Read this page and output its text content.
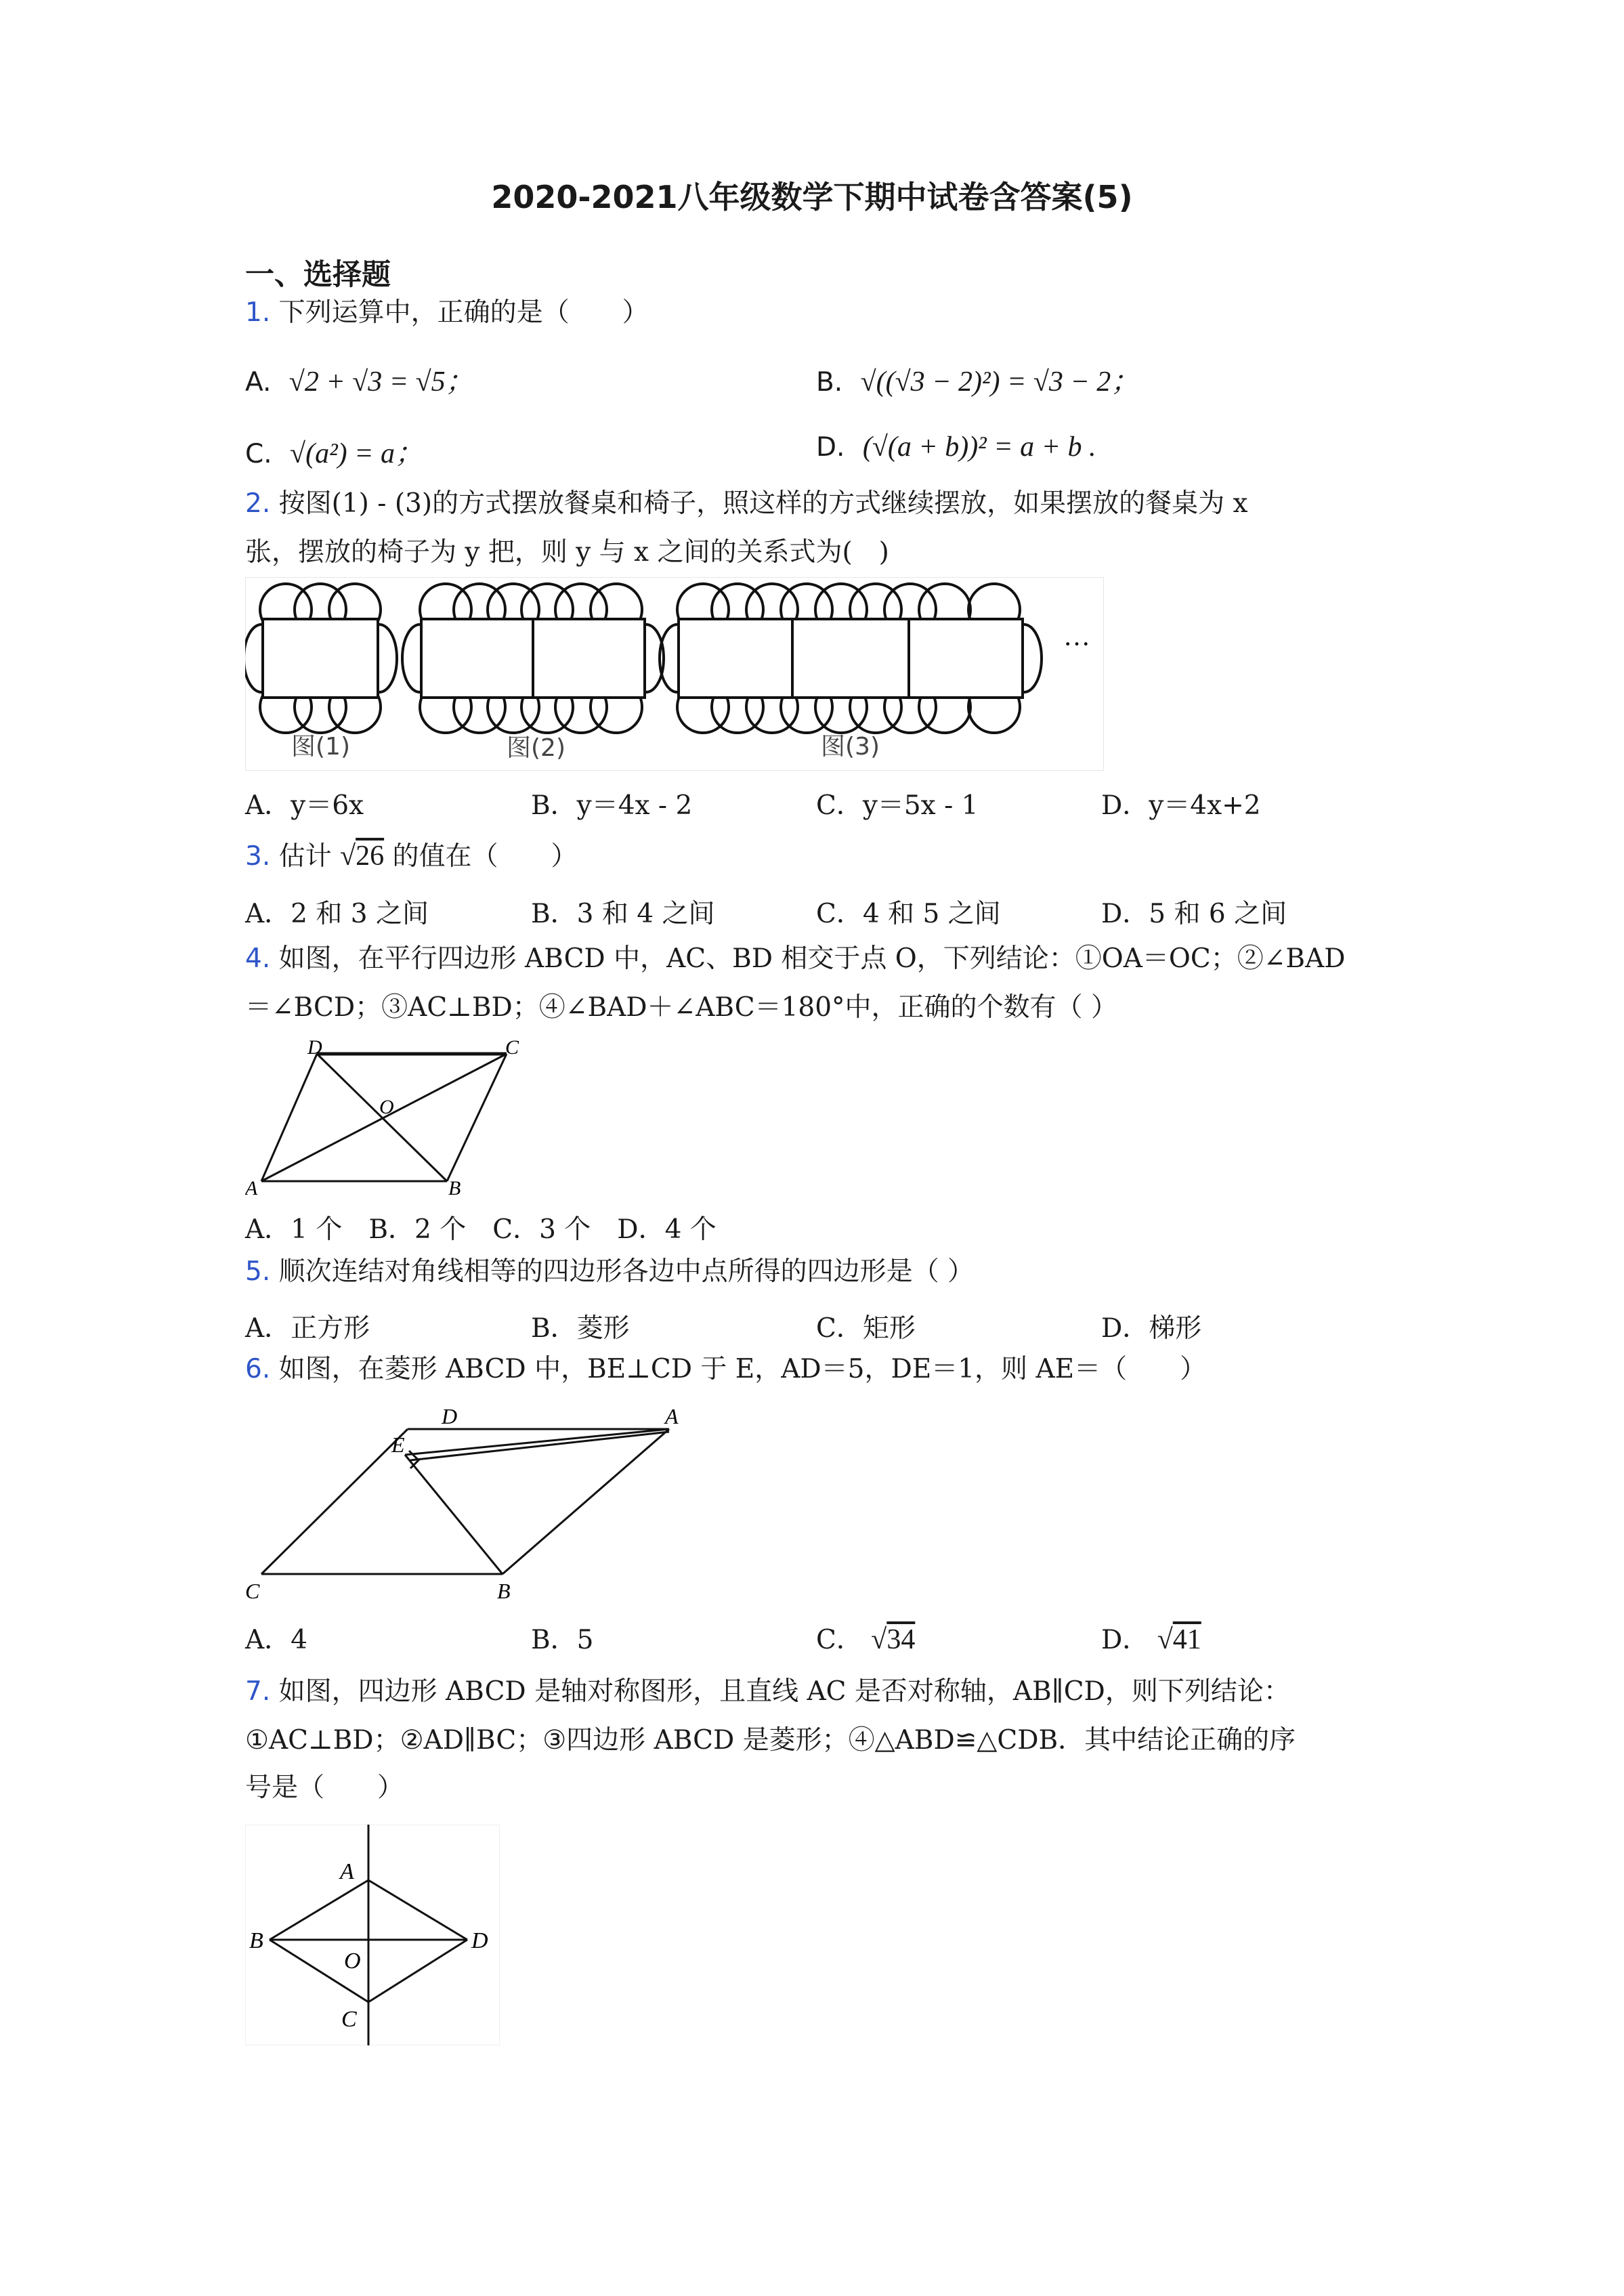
2020-2021八年级数学下期中试卷含答案(5)
一、选择题
1. 下列运算中，正确的是（　　）
A. √2 + √3 = √5；	B. √((√3 − 2)²) = √3 − 2；
C. √(a²) = a；	D. (√(a + b))² = a + b .
2. 按图(1) - (3)的方式摆放餐桌和椅子，照这样的方式继续摆放，如果摆放的餐桌为 x
张，摆放的椅子为 y 把，则 y 与 x 之间的关系式为(　)
···
图(1)	图(2)	图(3)
A．y＝6x	B．y＝4x - 2	C．y＝5x - 1	D．y＝4x+2
3. 估计 √26 的值在（　　）
A．2 和 3 之间	B．3 和 4 之间	C．4 和 5 之间	D．5 和 6 之间
4. 如图，在平行四边形 ABCD 中，AC、BD 相交于点 O，下列结论：①OA＝OC；②∠BAD
＝∠BCD；③AC⊥BD；④∠BAD＋∠ABC＝180°中，正确的个数有（ ）
D	C
O
A	B
A．1 个　B．2 个　C．3 个　D．4 个
5. 顺次连结对角线相等的四边形各边中点所得的四边形是（ ）
A．正方形	B．菱形	C．矩形	D．梯形
6. 如图，在菱形 ABCD 中，BE⊥CD 于 E，AD＝5，DE＝1，则 AE＝（　　）
D	A
E
C	B
A．4	B．5	C． √34	D． √41
7. 如图，四边形 ABCD 是轴对称图形，且直线 AC 是否对称轴，AB∥CD，则下列结论：
①AC⊥BD；②AD∥BC；③四边形 ABCD 是菱形；④△ABD≌△CDB．其中结论正确的序
号是（　　）
A
B
O
D
C
